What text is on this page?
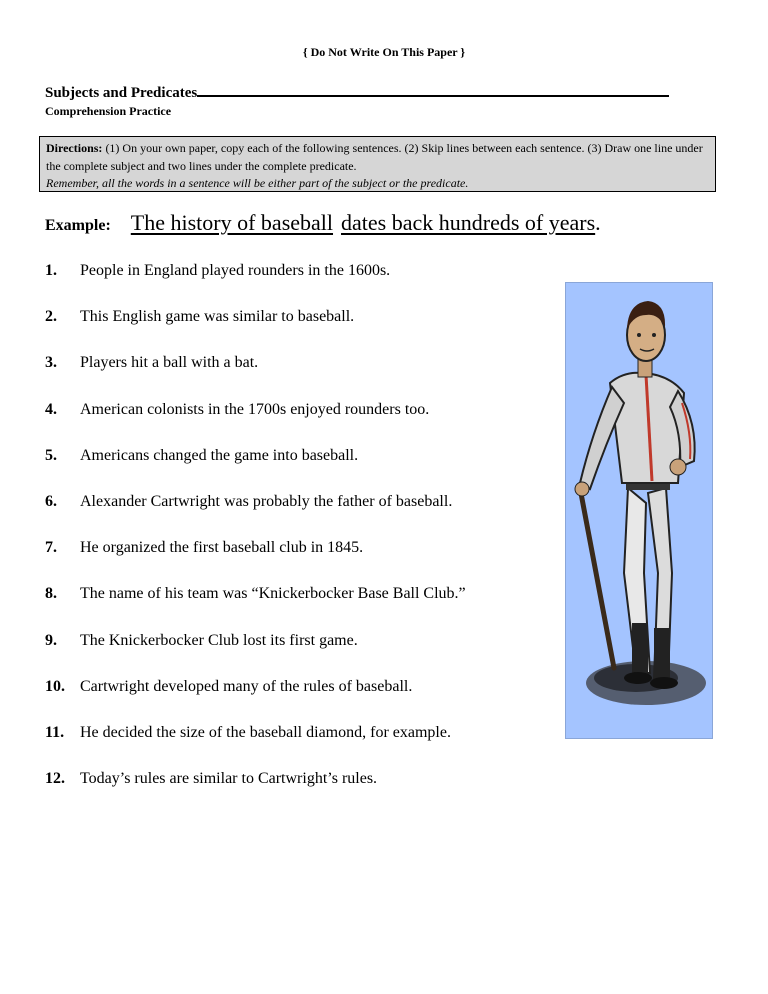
{ Do Not Write On This Paper }
Subjects and Predicates
Comprehension Practice
Directions: (1) On your own paper, copy each of the following sentences. (2) Skip lines between each sentence. (3) Draw one line under the complete subject and two lines under the complete predicate.
Remember, all the words in a sentence will be either part of the subject or the predicate.
Example: The history of baseball dates back hundreds of years.
1. People in England played rounders in the 1600s.
2. This English game was similar to baseball.
3. Players hit a ball with a bat.
4. American colonists in the 1700s enjoyed rounders too.
5. Americans changed the game into baseball.
6. Alexander Cartwright was probably the father of baseball.
7. He organized the first baseball club in 1845.
8. The name of his team was “Knickerbocker Base Ball Club.”
9. The Knickerbocker Club lost its first game.
10. Cartwright developed many of the rules of baseball.
11. He decided the size of the baseball diamond, for example.
12. Today’s rules are similar to Cartwright’s rules.
